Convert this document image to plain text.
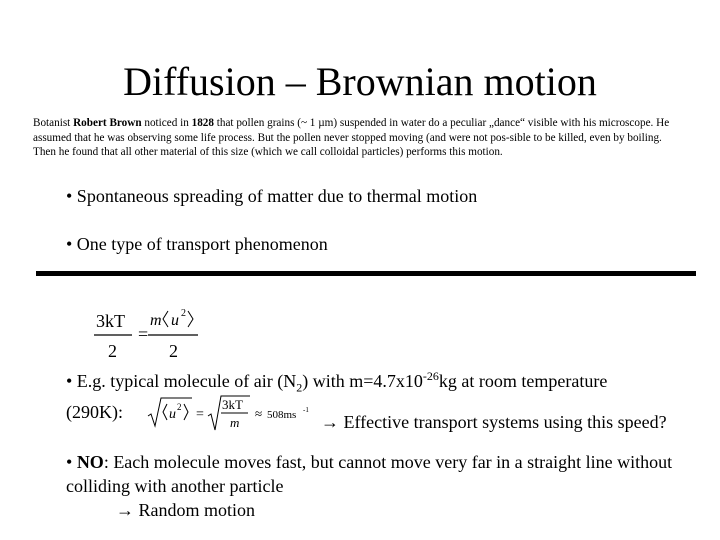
Diffusion – Brownian motion
Botanist Robert Brown noticed in 1828 that pollen grains (~ 1 µm) suspended in water do a peculiar „dance“ visible with his microscope. He assumed that he was observing some life process. But the pollen never stopped moving (and were not pos-sible to be killed, even by boiling. Then he found that all other material of this size (which we call colloidal particles) performs this motion.
• Spontaneous spreading of matter due to thermal motion
• One type of transport phenomenon
3kT
2
=
m u 2
2
• E.g. typical molecule of air $(N_2)$ with $m=4.7x10^{-26}kg$ at room temperature
(290K):	u 2 =
3kT
m
≈ 508ms -1
→ Effective transport systems using this speed?
• NO: Each molecule moves fast, but cannot move very far in a straight line without colliding with another particle
→ Random motion
